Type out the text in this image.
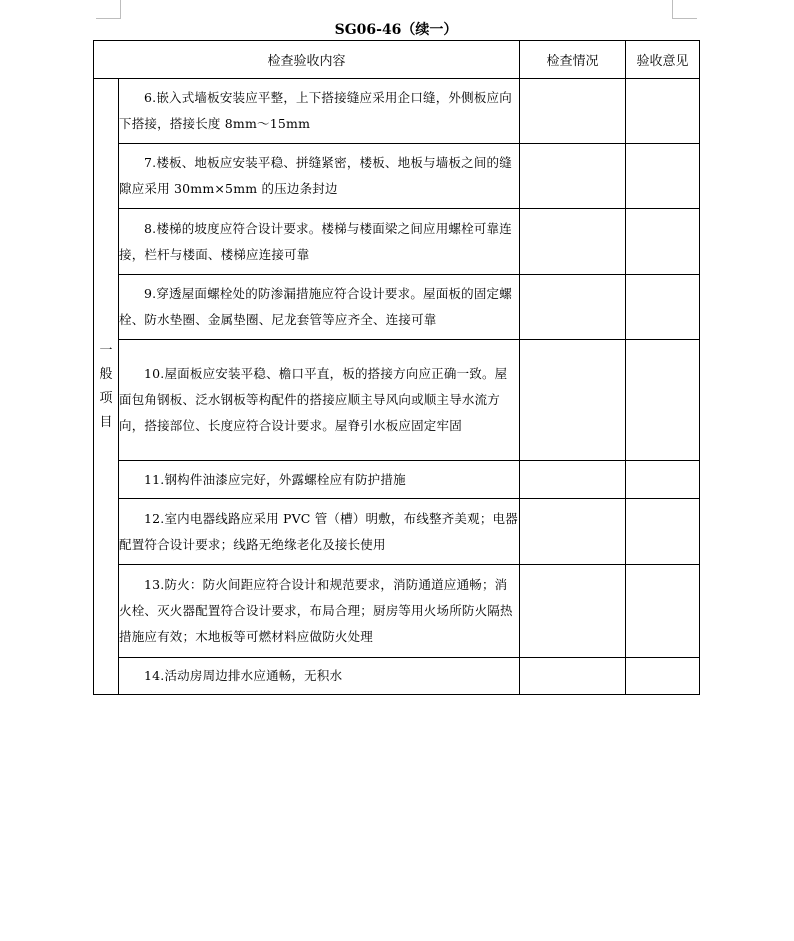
SG06-46（续一）
检查验收内容		检查情况	验收意见

一
般
项
目	6.嵌入式墙板安装应平整，上下搭接缝应采用企口缝，外侧板应向下搭接，搭接长度 8mm～15mm		
	7.楼板、地板应安装平稳、拼缝紧密，楼板、地板与墙板之间的缝隙应采用 30mm×5mm 的压边条封边		
	8.楼梯的坡度应符合设计要求。楼梯与楼面梁之间应用螺栓可靠连接，栏杆与楼面、楼梯应连接可靠		
	9.穿透屋面螺栓处的防渗漏措施应符合设计要求。屋面板的固定螺栓、防水垫圈、金属垫圈、尼龙套管等应齐全、连接可靠		
	10.屋面板应安装平稳、檐口平直，板的搭接方向应正确一致。屋面包角钢板、泛水钢板等构配件的搭接应顺主导风向或顺主导水流方向，搭接部位、长度应符合设计要求。屋脊引水板应固定牢固		
	11.钢构件油漆应完好，外露螺栓应有防护措施		
	12.室内电器线路应采用 PVC 管（槽）明敷，布线整齐美观；电器配置符合设计要求；线路无绝缘老化及接长使用		
	13.防火：防火间距应符合设计和规范要求，消防通道应通畅；消火栓、灭火器配置符合设计要求，布局合理；厨房等用火场所防火隔热措施应有效；木地板等可燃材料应做防火处理		
	14.活动房周边排水应通畅，无积水		
